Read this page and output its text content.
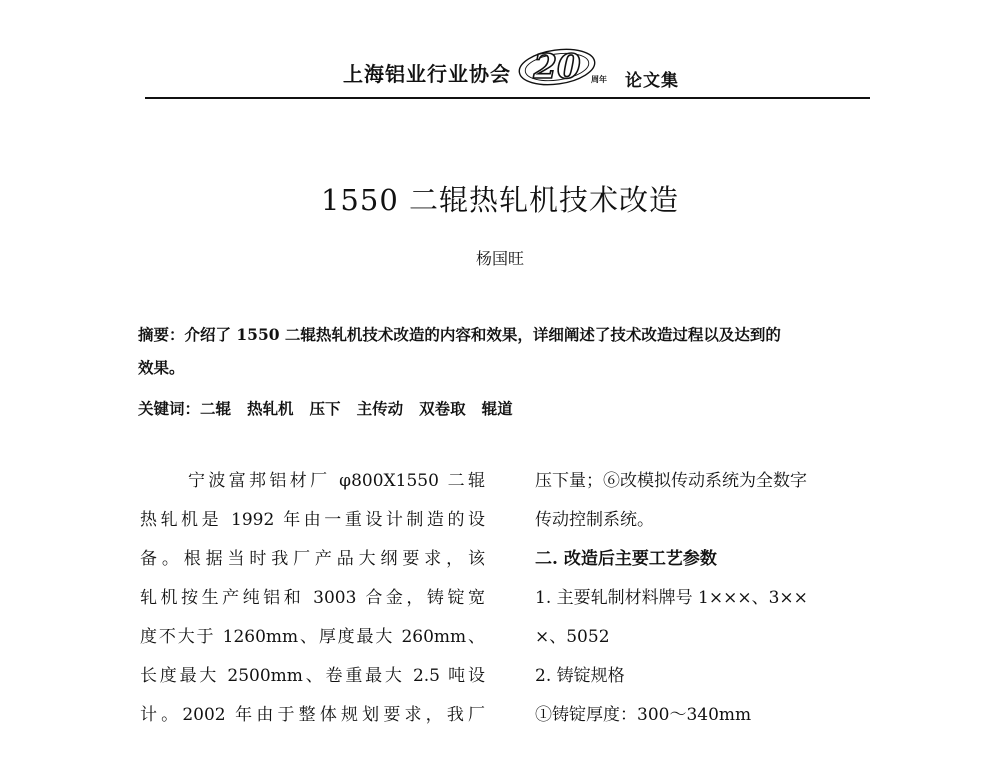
上海铝业行业协会 20 周年 论文集
1550 二辊热轧机技术改造
杨国旺
摘要：介绍了 1550 二辊热轧机技术改造的内容和效果，详细阐述了技术改造过程以及达到的
效果。
关键词：二辊 热轧机 压下 主传动 双卷取 辊道
宁波富邦铝材厂 φ800X1550 二辊
热轧机是 1992 年由一重设计制造的设
备。根据当时我厂产品大纲要求，该
轧机按生产纯铝和 3003 合金，铸锭宽
度不大于 1260mm、厚度最大 260mm、
长度最大 2500mm、卷重最大 2.5 吨设
计。2002 年由于整体规划要求，我厂
压下量；⑥改模拟传动系统为全数字
传动控制系统。
二. 改造后主要工艺参数
1. 主要轧制材料牌号 1×××、3××
×、5052
2. 铸锭规格
①铸锭厚度：300～340mm
